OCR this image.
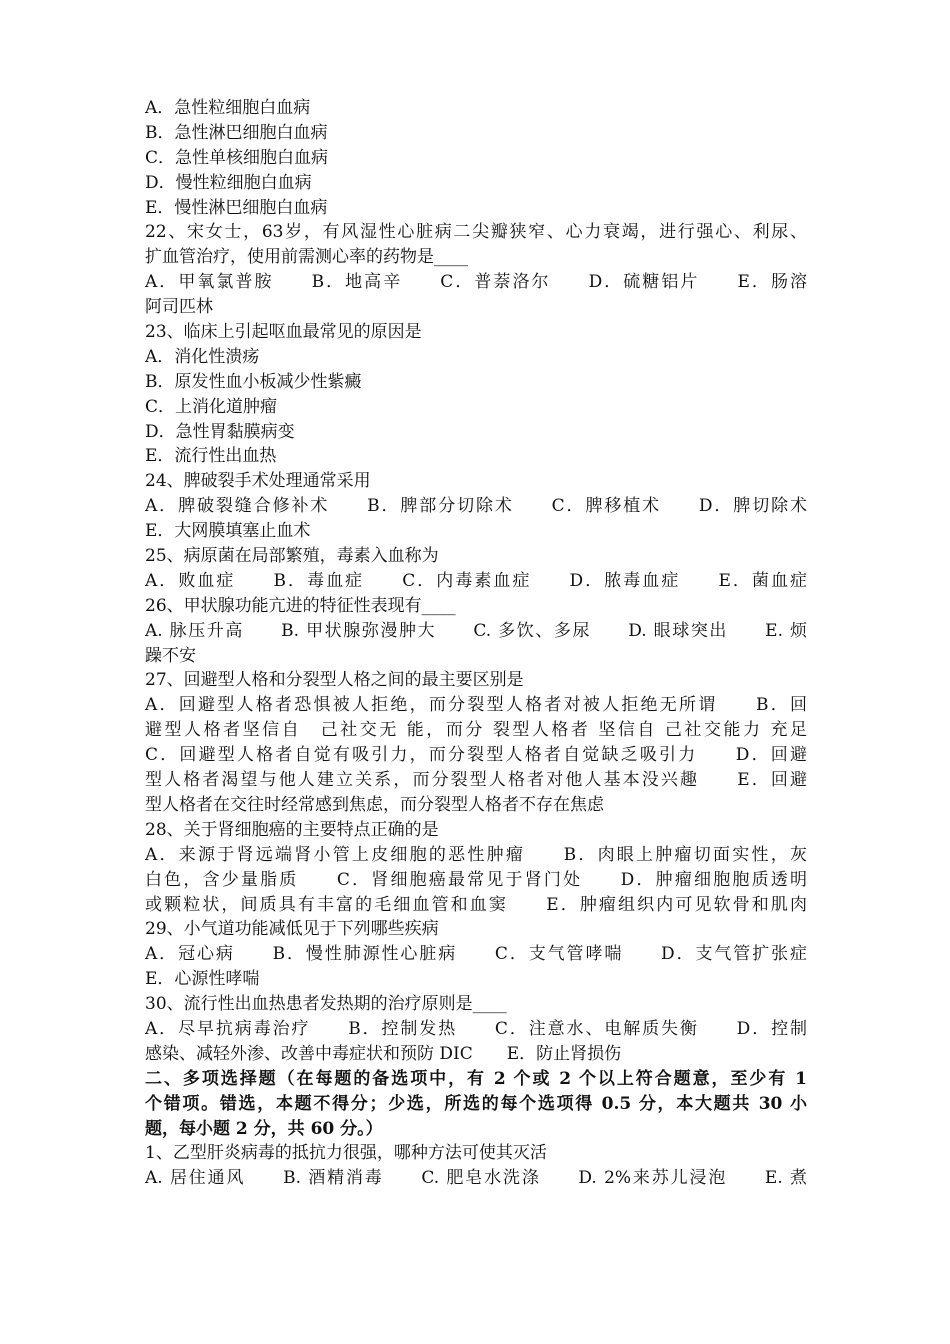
A．急性粒细胞白血病
B．急性淋巴细胞白血病
C．急性单核细胞白血病
D．慢性粒细胞白血病
E．慢性淋巴细胞白血病
22、宋女士，63岁，有风湿性心脏病二尖瓣狭窄、心力衰竭，进行强心、利尿、
扩血管治疗，使用前需测心率的药物是____
A．甲氧氯普胺　　B．地高辛　　C．普萘洛尔　　D．硫糖铝片　　E．肠溶
阿司匹林
23、临床上引起呕血最常见的原因是
A．消化性溃疡
B．原发性血小板减少性紫癜
C．上消化道肿瘤
D．急性胃黏膜病变
E．流行性出血热
24、脾破裂手术处理通常采用
A．脾破裂缝合修补术　　B．脾部分切除术　　C．脾移植术　　D．脾切除术
E．大网膜填塞止血术
25、病原菌在局部繁殖，毒素入血称为
A．败血症　　B．毒血症　　C．内毒素血症　　D．脓毒血症　　E．菌血症
26、甲状腺功能亢进的特征性表现有____
A. 脉压升高　　B. 甲状腺弥漫肿大　　C. 多饮、多尿　　D. 眼球突出　　E. 烦
躁不安
27、回避型人格和分裂型人格之间的最主要区别是
A．回避型人格者恐惧被人拒绝，而分裂型人格者对被人拒绝无所谓　　B．回
避型人格者坚信自　己社交无 能，而分 裂型人格者 坚信自 己社交能力 充足
C．回避型人格者自觉有吸引力，而分裂型人格者自觉缺乏吸引力　　D．回避
型人格者渴望与他人建立关系，而分裂型人格者对他人基本没兴趣　　E．回避
型人格者在交往时经常感到焦虑，而分裂型人格者不存在焦虑
28、关于肾细胞癌的主要特点正确的是
A．来源于肾远端肾小管上皮细胞的恶性肿瘤　　B．肉眼上肿瘤切面实性，灰
白色，含少量脂质　　C．肾细胞癌最常见于肾门处　　D．肿瘤细胞胞质透明
或颗粒状，间质具有丰富的毛细血管和血窦　　E．肿瘤组织内可见软骨和肌肉
29、小气道功能减低见于下列哪些疾病
A．冠心病　　B．慢性肺源性心脏病　　C．支气管哮喘　　D．支气管扩张症
E．心源性哮喘
30、流行性出血热患者发热期的治疗原则是____
A．尽早抗病毒治疗　　B．控制发热　　C．注意水、电解质失衡　　D．控制
感染、减轻外渗、改善中毒症状和预防 DIC　　E．防止肾损伤
二、多项选择题（在每题的备选项中，有 2 个或 2 个以上符合题意，至少有 1
个错项。错选，本题不得分；少选，所选的每个选项得 0.5 分，本大题共 30 小
题，每小题 2 分，共 60 分。）
1、乙型肝炎病毒的抵抗力很强，哪种方法可使其灭活
A. 居住通风　　B. 酒精消毒　　C. 肥皂水洗涤　　D. 2%来苏儿浸泡　　E. 煮
